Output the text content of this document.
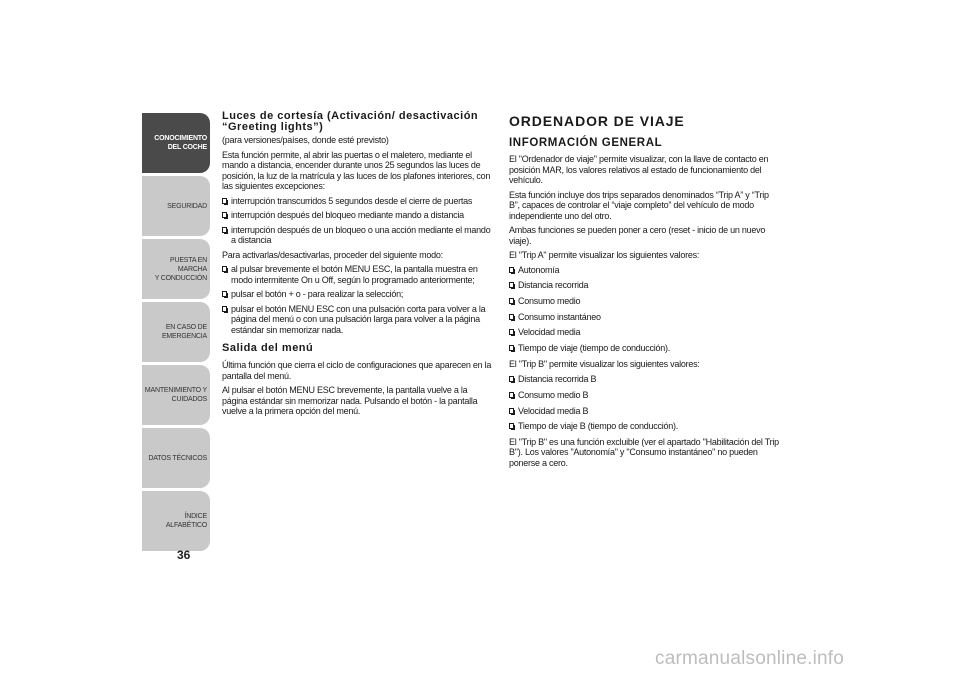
CONOCIMIENTO
DEL COCHE
SEGURIDAD
PUESTA EN MARCHA
Y CONDUCCIÓN
EN CASO DE
EMERGENCIA
MANTENIMIENTO Y
CUIDADOS
DATOS TÉCNICOS
ÍNDICE ALFABÉTICO
36
Luces de cortesía (Activación/ desactivación “Greeting lights”)

(para versiones/países, donde esté previsto)

Esta función permite, al abrir las puertas o el maletero, mediante el mando a distancia, encender durante unos 25 segundos las luces de posición, la luz de la matrícula y las luces de los plafones interiores, con las siguientes excepciones:

interrupción transcurridos 5 segundos desde el cierre de puertas
interrupción después del bloqueo mediante mando a distancia
interrupción después de un bloqueo o una acción mediante el mando a distancia

Para activarlas/desactivarlas, proceder del siguiente modo:

al pulsar brevemente el botón MENU ESC, la pantalla muestra en modo intermitente On u Off, según lo programado anteriormente;
pulsar el botón + o - para realizar la selección;
pulsar el botón MENU ESC con una pulsación corta para volver a la página del menú o con una pulsación larga para volver a la página estándar sin memorizar nada.
Salida del menú

Última función que cierra el ciclo de configuraciones que aparecen en la pantalla del menú.

Al pulsar el botón MENU ESC brevemente, la pantalla vuelve a la página estándar sin memorizar nada. Pulsando el botón - la pantalla vuelve a la primera opción del menú.

ORDENADOR DE VIAJE
INFORMACIÓN GENERAL

El "Ordenador de viaje" permite visualizar, con la llave de contacto en posición MAR, los valores relativos al estado de funcionamiento del vehículo.

Esta función incluye dos trips separados denominados “Trip A” y “Trip B”, capaces de controlar el “viaje completo” del vehículo de modo independiente uno del otro.

Ambas funciones se pueden poner a cero (reset - inicio de un nuevo viaje).

El "Trip A" permite visualizar los siguientes valores:

Autonomía
Distancia recorrida
Consumo medio
Consumo instantáneo
Velocidad media
Tiempo de viaje (tiempo de conducción).

El "Trip B" permite visualizar los siguientes valores:

Distancia recorrida B
Consumo medio B
Velocidad media B
Tiempo de viaje B (tiempo de conducción).

El "Trip B" es una función excluible (ver el apartado "Habilitación del Trip B"). Los valores "Autonomía" y "Consumo instantáneo" no pueden ponerse a cero.

carmanualsonline.info
